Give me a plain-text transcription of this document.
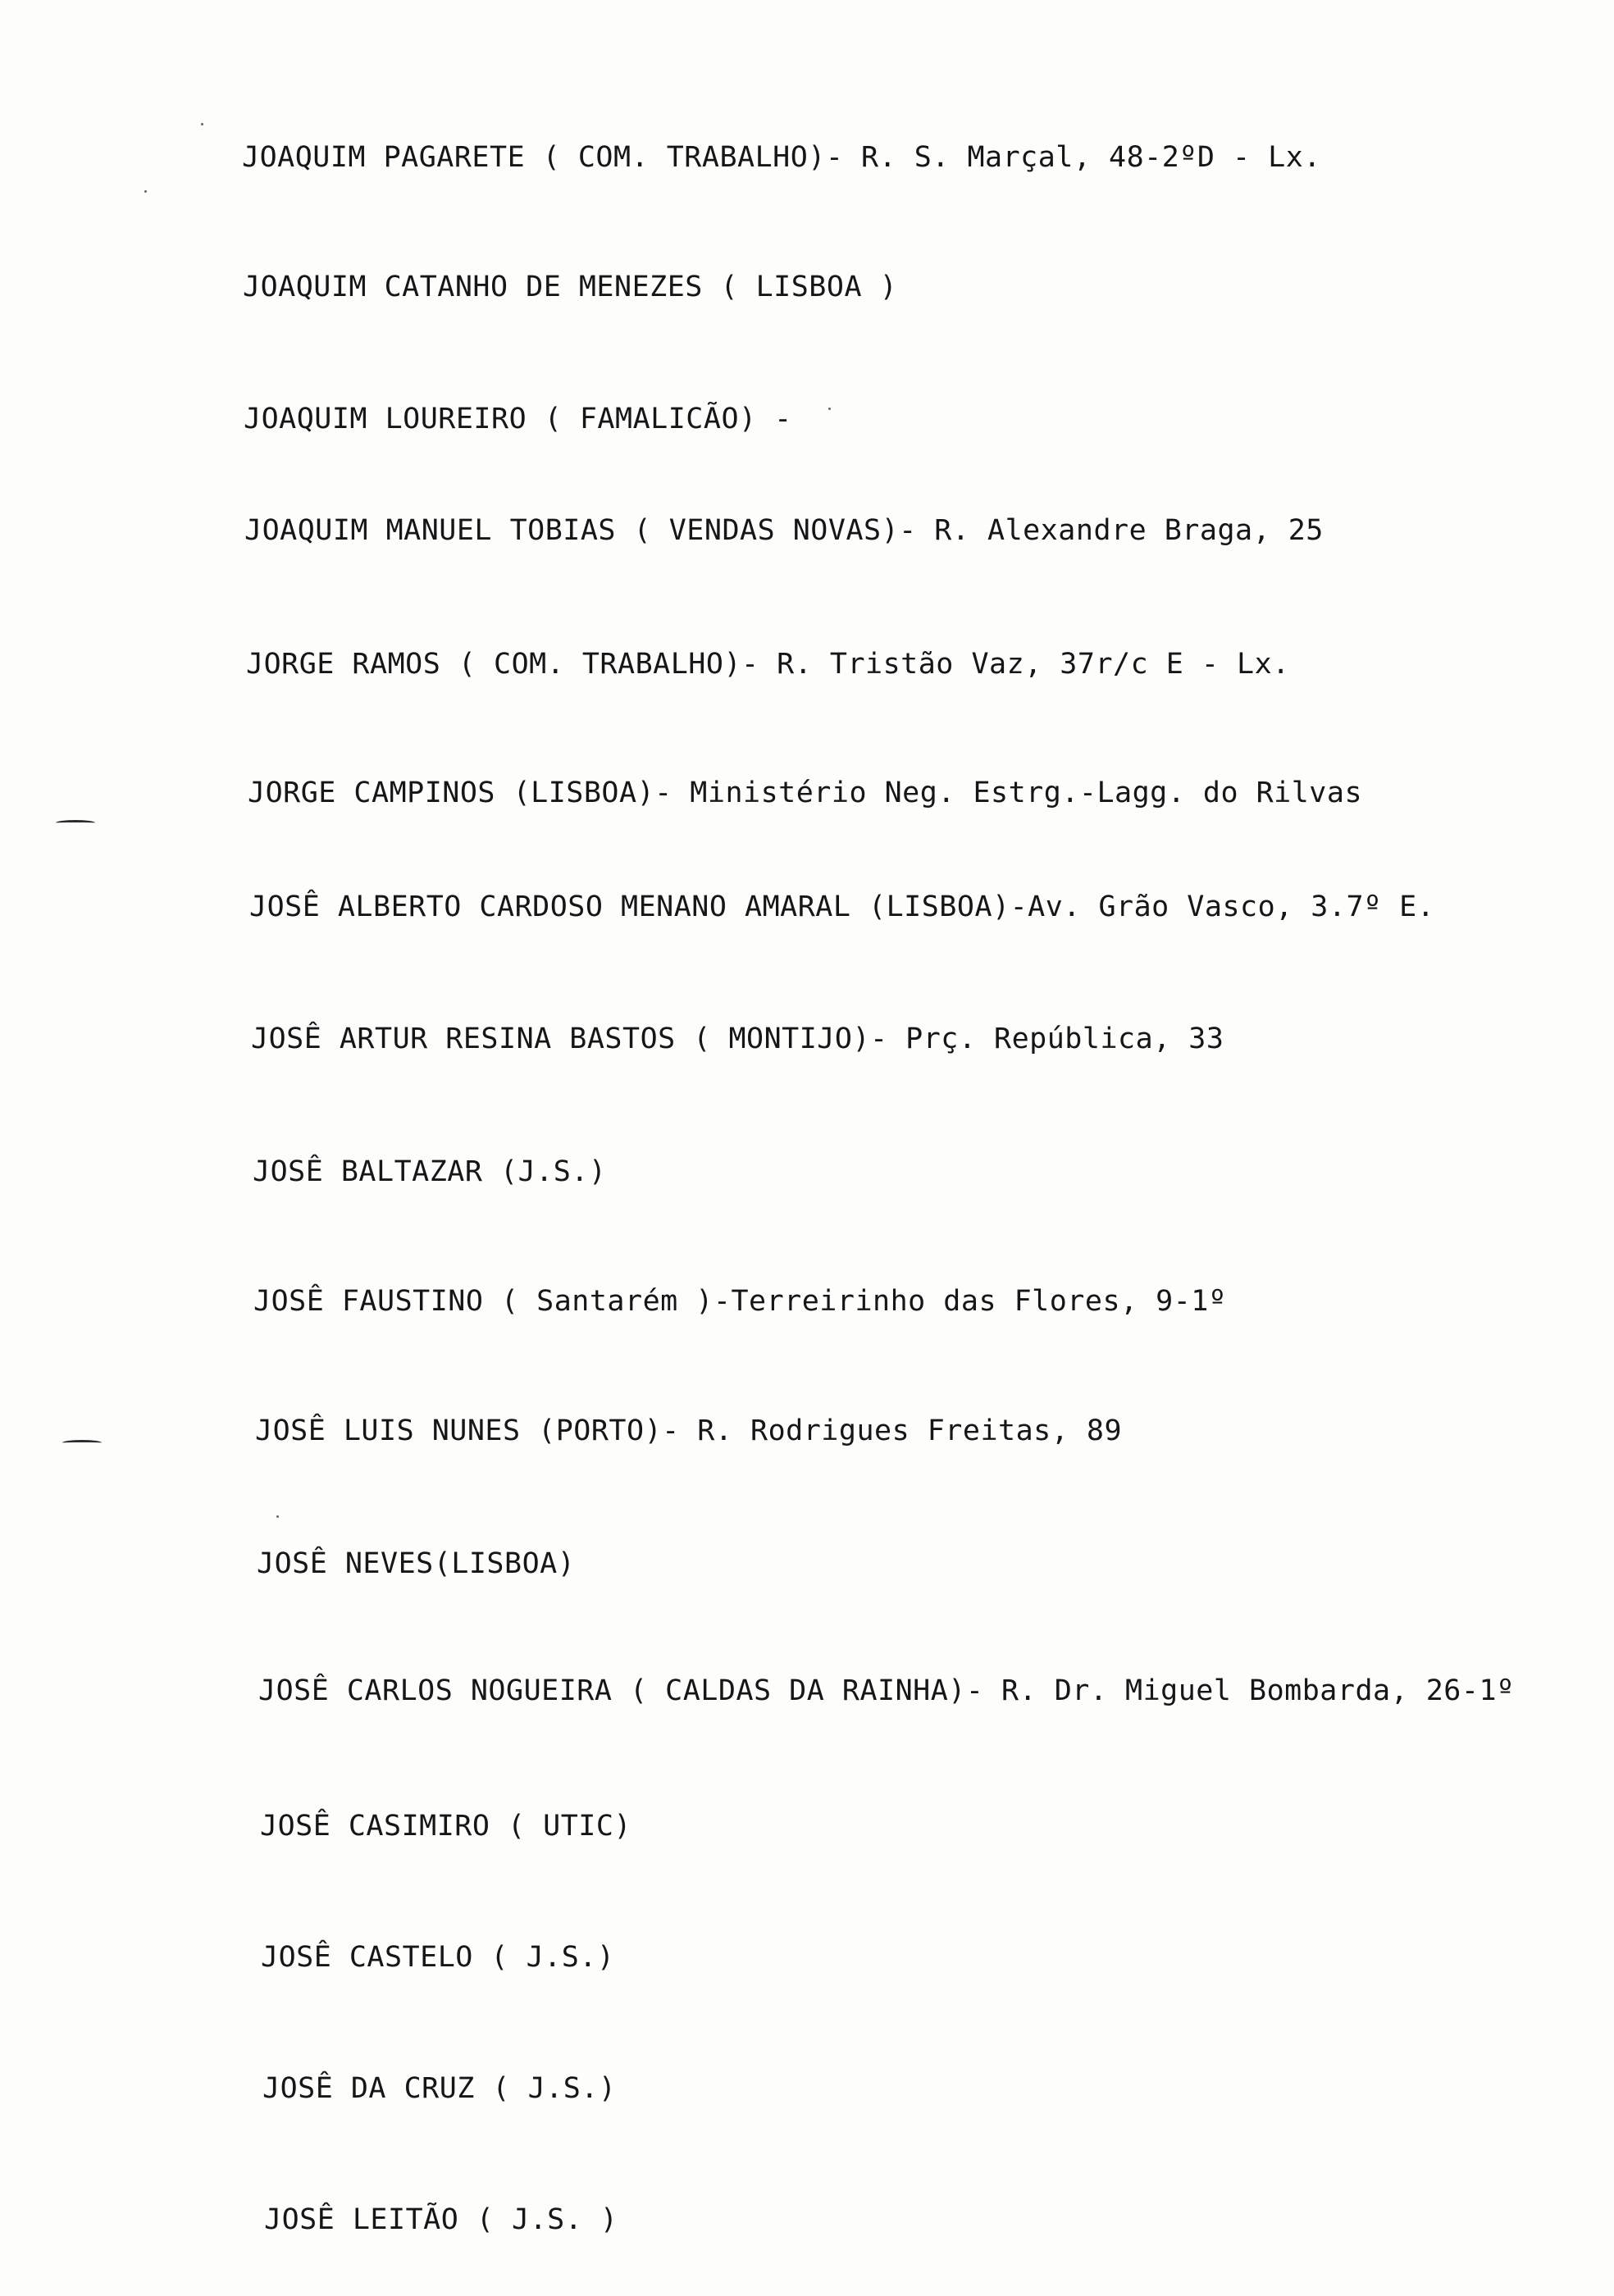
JOAQUIM PAGARETE ( COM. TRABALHO)- R. S. Marçal, 48-2ºD - Lx.
JOAQUIM CATANHO DE MENEZES ( LISBOA )
JOAQUIM LOUREIRO ( FAMALICÃO) -
JOAQUIM MANUEL TOBIAS ( VENDAS NOVAS)- R. Alexandre Braga, 25
JORGE RAMOS ( COM. TRABALHO)- R. Tristão Vaz, 37r/c E - Lx.
JORGE CAMPINOS (LISBOA)- Ministério Neg. Estrg.-Lagg. do Rilvas
JOSÊ ALBERTO CARDOSO MENANO AMARAL (LISBOA)-Av. Grão Vasco, 3.7º E.
JOSÊ ARTUR RESINA BASTOS ( MONTIJO)- Prç. República, 33
JOSÊ BALTAZAR (J.S.)
JOSÊ FAUSTINO ( Santarém )-Terreirinho das Flores, 9-1º
JOSÊ LUIS NUNES (PORTO)- R. Rodrigues Freitas, 89
JOSÊ NEVES(LISBOA)
JOSÊ CARLOS NOGUEIRA ( CALDAS DA RAINHA)- R. Dr. Miguel Bombarda, 26-1º
JOSÊ CASIMIRO ( UTIC)
JOSÊ CASTELO ( J.S.)
JOSÊ DA CRUZ ( J.S.)
JOSÊ LEITÃO ( J.S. )
